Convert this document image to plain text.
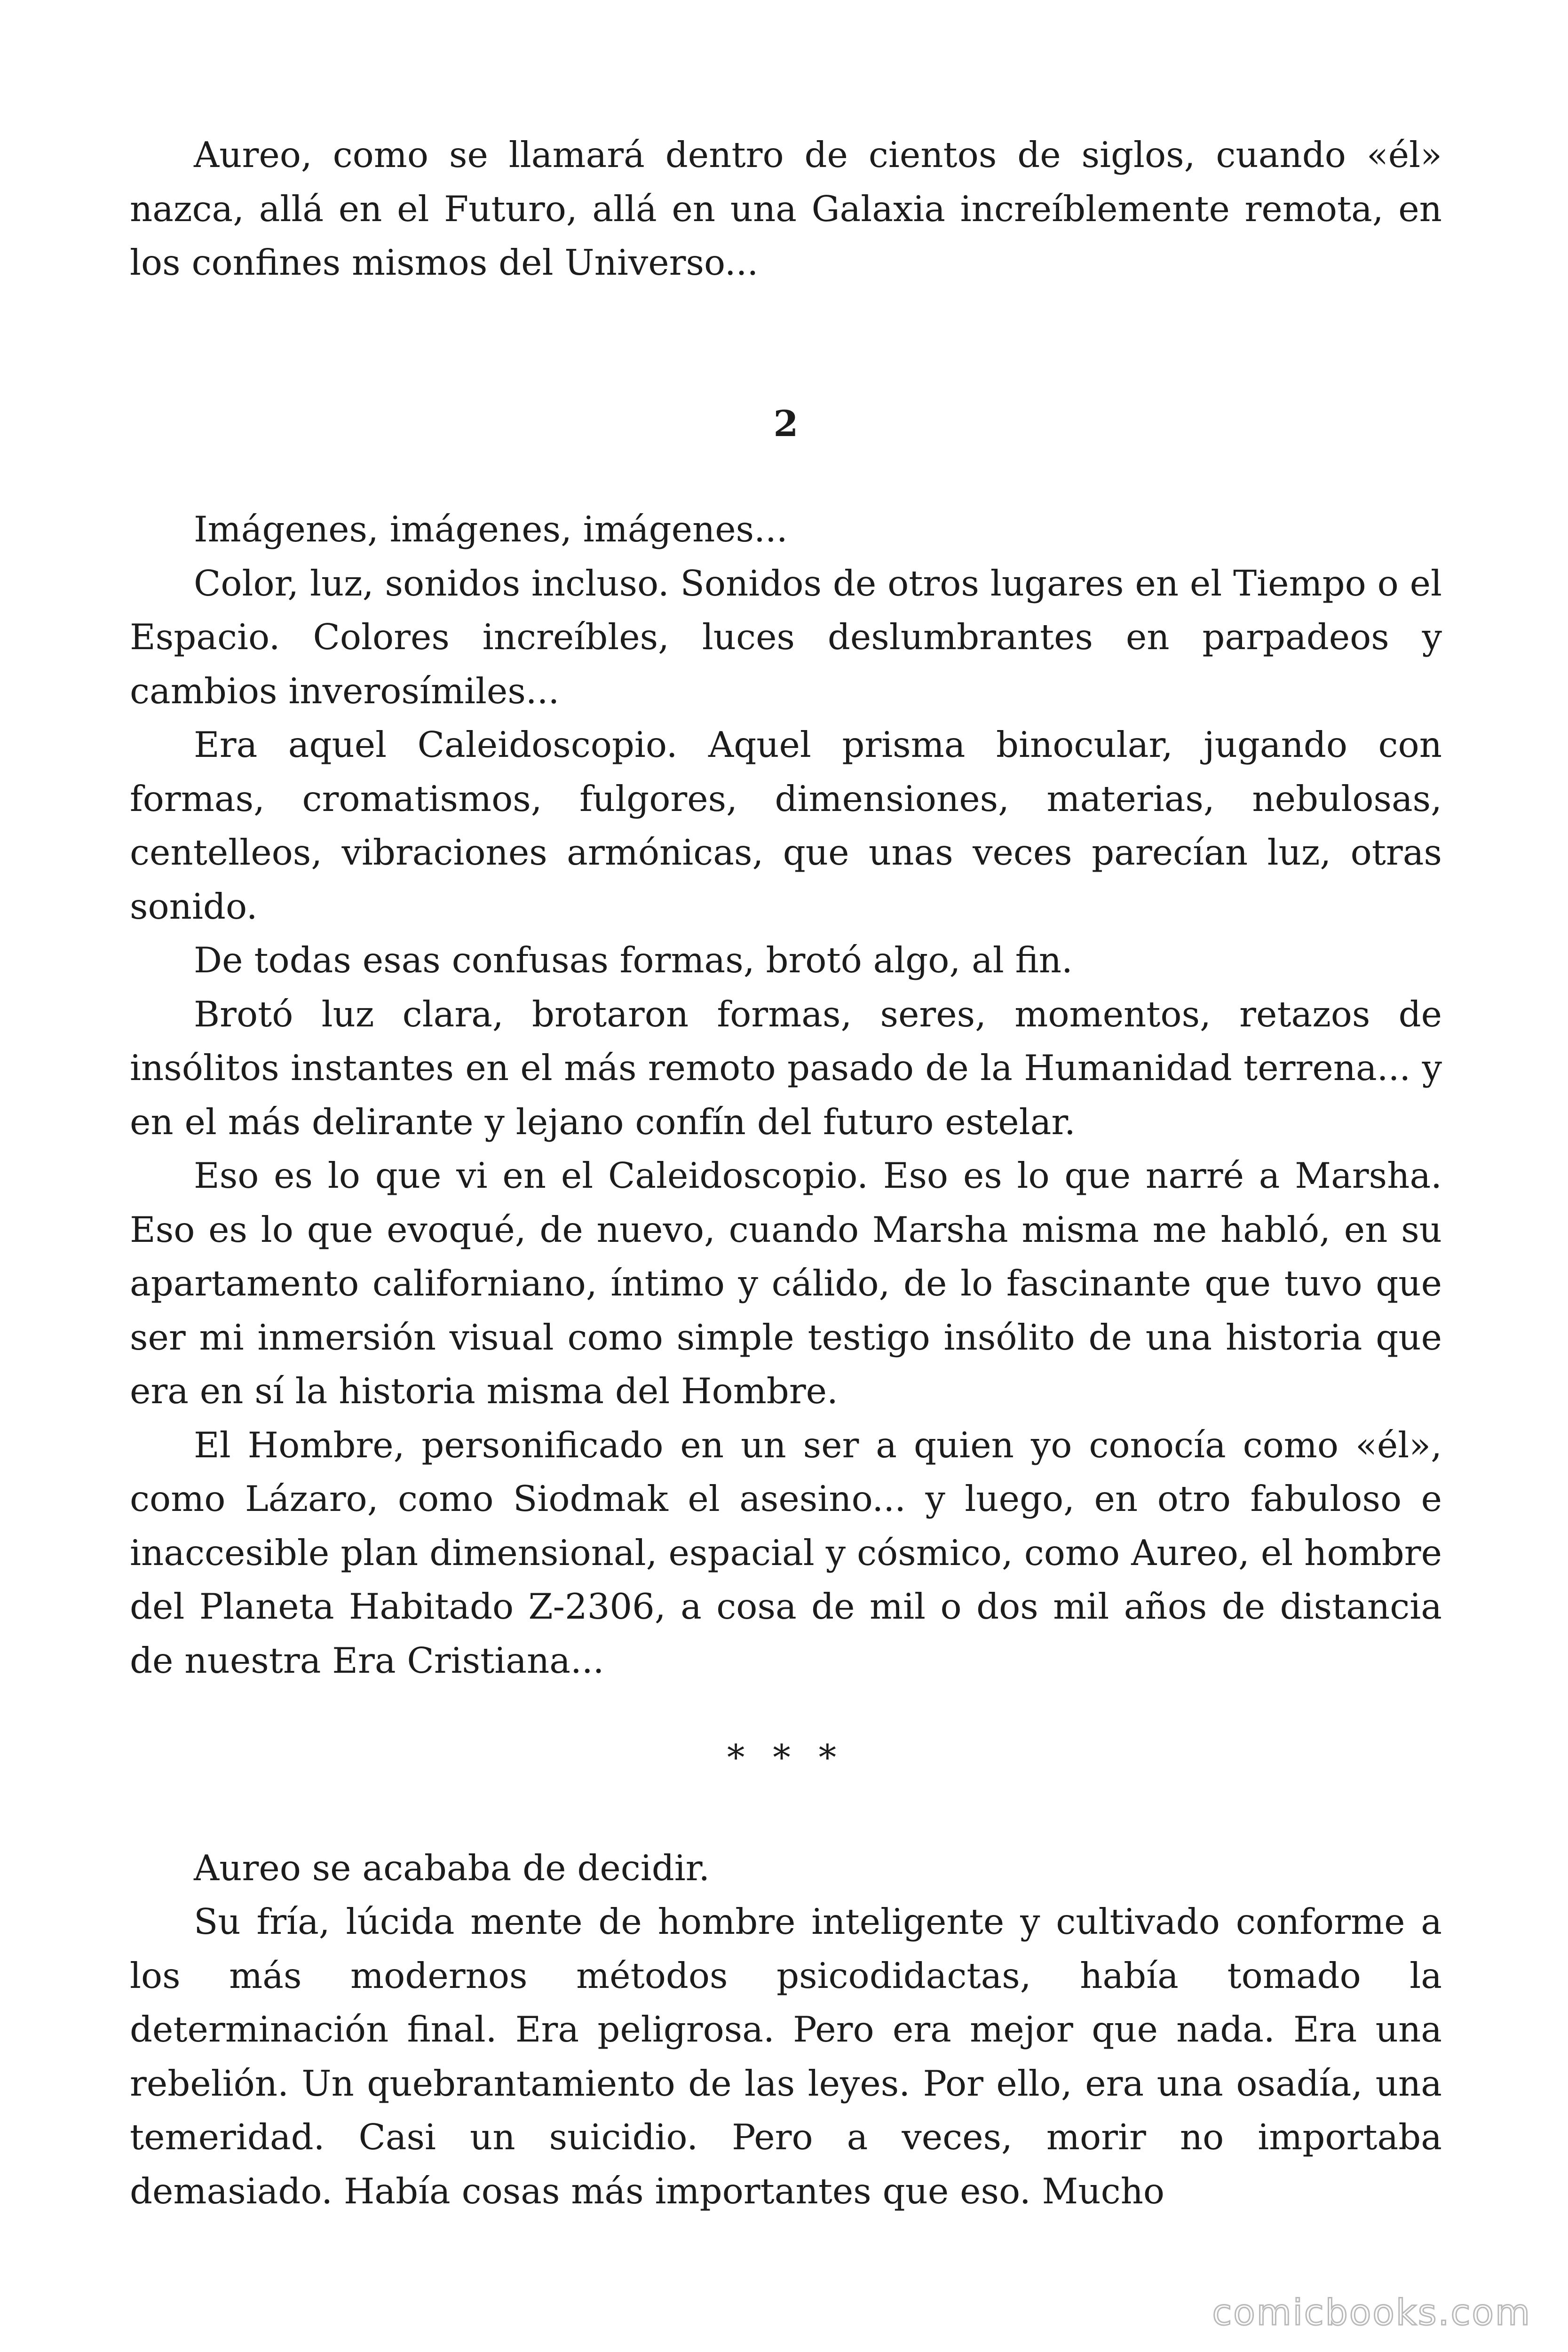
Aureo, como se llamará dentro de cientos de siglos, cuando «él» nazca, allá en el Futuro, allá en una Galaxia increíblemente remota, en los confines mismos del Universo...

2

Imágenes, imágenes, imágenes...

Color, luz, sonidos incluso. Sonidos de otros lugares en el Tiempo o el Espacio. Colores increíbles, luces deslumbrantes en parpadeos y cambios inverosímiles...

Era aquel Caleidoscopio. Aquel prisma binocular, jugando con formas, cromatismos, fulgores, dimensiones, materias, nebulosas, centelleos, vibraciones armónicas, que unas veces parecían luz, otras sonido.

De todas esas confusas formas, brotó algo, al fin.

Brotó luz clara, brotaron formas, seres, momentos, retazos de insólitos instantes en el más remoto pasado de la Humanidad terrena... y en el más delirante y lejano confín del futuro estelar.

Eso es lo que vi en el Caleidoscopio. Eso es lo que narré a Marsha. Eso es lo que evoqué, de nuevo, cuando Marsha misma me habló, en su apartamento californiano, íntimo y cálido, de lo fascinante que tuvo que ser mi inmersión visual como simple testigo insólito de una historia que era en sí la historia misma del Hombre.

El Hombre, personificado en un ser a quien yo conocía como «él», como Lázaro, como Siodmak el asesino... y luego, en otro fabuloso e inaccesible plan dimensional, espacial y cósmico, como Aureo, el hombre del Planeta Habitado Z-2306, a cosa de mil o dos mil años de distancia de nuestra Era Cristiana...

* * *

Aureo se acababa de decidir.

Su fría, lúcida mente de hombre inteligente y cultivado conforme a los más modernos métodos psicodidactas, había tomado la determinación final. Era peligrosa. Pero era mejor que nada. Era una rebelión. Un quebrantamiento de las leyes. Por ello, era una osadía, una temeridad. Casi un suicidio. Pero a veces, morir no importaba demasiado. Había cosas más importantes que eso. Mucho

comicbooks.com
